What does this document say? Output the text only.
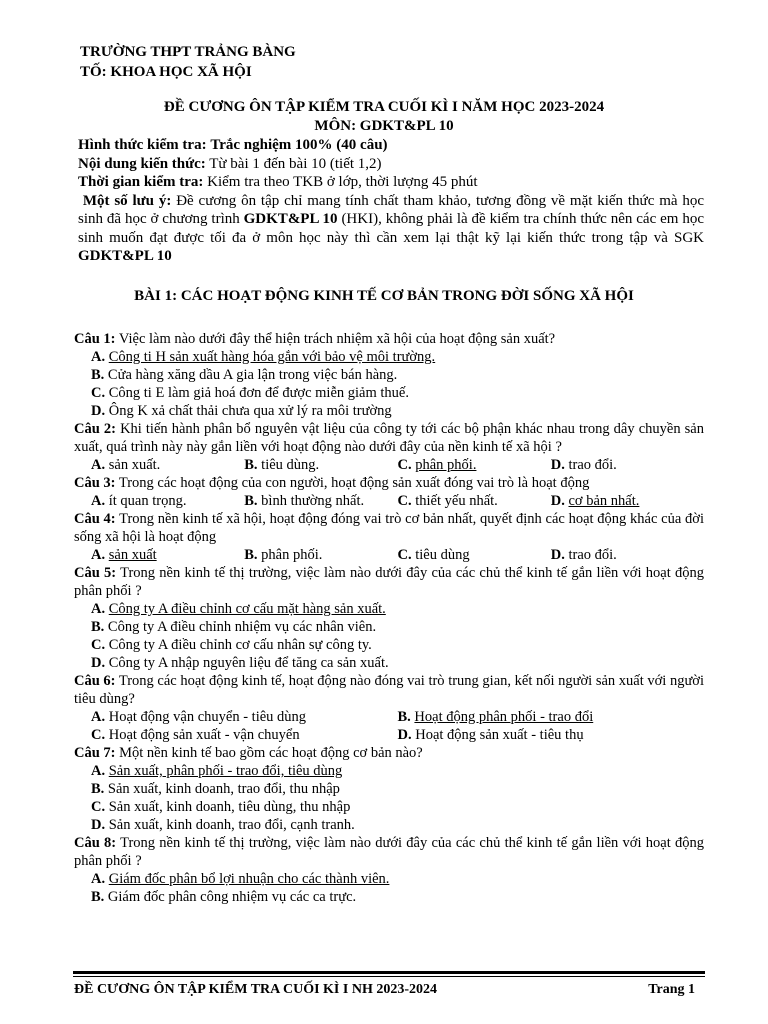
TRƯỜNG THPT TRẢNG BÀNG
TỐ: KHOA HỌC XÃ HỘI
ĐỀ CƯƠNG ÔN TẬP KIỂM TRA CUỐI KÌ I NĂM HỌC 2023-2024
MÔN: GDKT&PL 10
Hình thức kiểm tra: Trắc nghiệm 100% (40 câu)
Nội dung kiến thức: Từ bài 1 đến bài 10 (tiết 1,2)
Thời gian kiểm tra: Kiểm tra theo TKB ở lớp, thời lượng 45 phút
Một số lưu ý: Đề cương ôn tập chỉ mang tính chất tham khảo, tương đồng về mặt kiến thức mà học sinh đã học ở chương trình GDKT&PL 10 (HKI), không phải là đề kiểm tra chính thức nên các em học sinh muốn đạt được tối đa ở môn học này thì cần xem lại thật kỹ lại kiến thức trong tập và SGK GDKT&PL 10
BÀI 1: CÁC HOẠT ĐỘNG KINH TẾ CƠ BẢN TRONG ĐỜI SỐNG XÃ HỘI
Câu 1: Việc làm nào dưới đây thể hiện trách nhiệm xã hội của hoạt động sản xuất?
A. Công ti H sản xuất hàng hóa gắn với bảo vệ môi trường.
B. Cửa hàng xăng dầu A gia lận trong việc bán hàng.
C. Công ti E làm giả hoá đơn để được miễn giảm thuế.
D. Ông K xả chất thải chưa qua xử lý ra môi trường
Câu 2: Khi tiến hành phân bổ nguyên vật liệu của công ty tới các bộ phận khác nhau trong dây chuyền sản xuất, quá trình này này gắn liền với hoạt động nào dưới đây của nền kinh tế xã hội ?
A. sản xuất.	B. tiêu dùng.	C. phân phối.	D. trao đổi.
Câu 3: Trong các hoạt động của con người, hoạt động sản xuất đóng vai trò là hoạt động
A. ít quan trọng.	B. bình thường nhất.	C. thiết yếu nhất.	D. cơ bản nhất.
Câu 4: Trong nền kinh tế xã hội, hoạt động đóng vai trò cơ bản nhất, quyết định các hoạt động khác của đời sống xã hội là hoạt động
A. sản xuất	B. phân phối.	C. tiêu dùng	D. trao đổi.
Câu 5: Trong nền kinh tế thị trường, việc làm nào dưới đây của các chủ thể kinh tế gắn liền với hoạt động phân phối ?
A. Công ty A điều chỉnh cơ cấu mặt hàng sản xuất.
B. Công ty A điều chỉnh nhiệm vụ các nhân viên.
C. Công ty A điều chỉnh cơ cấu nhân sự công ty.
D. Công ty A nhập nguyên liệu để tăng ca sản xuất.
Câu 6: Trong các hoạt động kinh tế, hoạt động nào đóng vai trò trung gian, kết nối người sản xuất với người tiêu dùng?
A. Hoạt động vận chuyển - tiêu dùng	B. Hoạt động phân phối - trao đổi
C. Hoạt động sản xuất - vận chuyển	D. Hoạt động sản xuất - tiêu thụ
Câu 7: Một nền kinh tế bao gồm các hoạt động cơ bản nào?
A. Sản xuất, phân phối - trao đổi, tiêu dùng
B. Sản xuất, kinh doanh, trao đổi, thu nhập
C. Sản xuất, kinh doanh, tiêu dùng, thu nhập
D. Sản xuất, kinh doanh, trao đổi, cạnh tranh.
Câu 8: Trong nền kinh tế thị trường, việc làm nào dưới đây của các chủ thể kinh tế gắn liền với hoạt động phân phối ?
A. Giám đốc phân bổ lợi nhuận cho các thành viên.
B. Giám đốc phân công nhiệm vụ các ca trực.
ĐỀ CƯƠNG ÔN TẬP KIỂM TRA CUỐI KÌ I NH 2023-2024	Trang 1
